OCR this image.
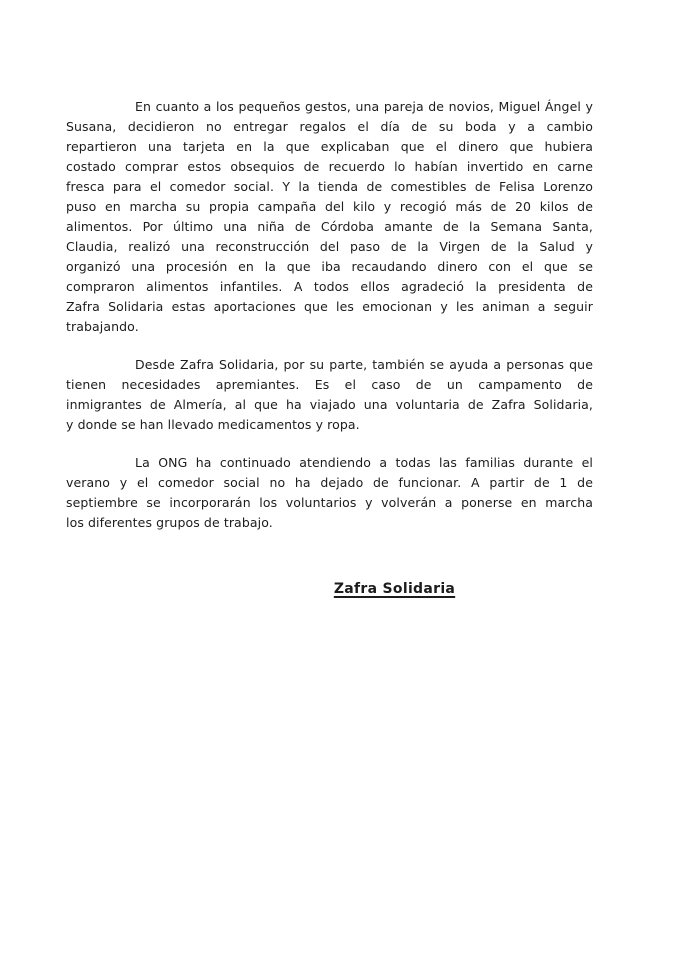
En cuanto a los pequeños gestos, una pareja de novios, Miguel Ángel y
Susana, decidieron no entregar regalos el día de su boda y a cambio
repartieron una tarjeta en la que explicaban que el dinero que hubiera
costado comprar estos obsequios de recuerdo lo habían invertido en carne
fresca para el comedor social. Y la tienda de comestibles de Felisa Lorenzo
puso en marcha su propia campaña del kilo y recogió más de 20 kilos de
alimentos. Por último una niña de Córdoba amante de la Semana Santa,
Claudia, realizó una reconstrucción del paso de la Virgen de la Salud y
organizó una procesión en la que iba recaudando dinero con el que se
compraron alimentos infantiles. A todos ellos agradeció la presidenta de
Zafra Solidaria estas aportaciones que les emocionan y les animan a seguir
trabajando.
Desde Zafra Solidaria, por su parte, también se ayuda a personas que
tienen necesidades apremiantes. Es el caso de un campamento de
inmigrantes de Almería, al que ha viajado una voluntaria de Zafra Solidaria,
y donde se han llevado medicamentos y ropa.
La ONG ha continuado atendiendo a todas las familias durante el
verano y el comedor social no ha dejado de funcionar. A partir de 1 de
septiembre se incorporarán los voluntarios y volverán a ponerse en marcha
los diferentes grupos de trabajo.
Zafra Solidaria
